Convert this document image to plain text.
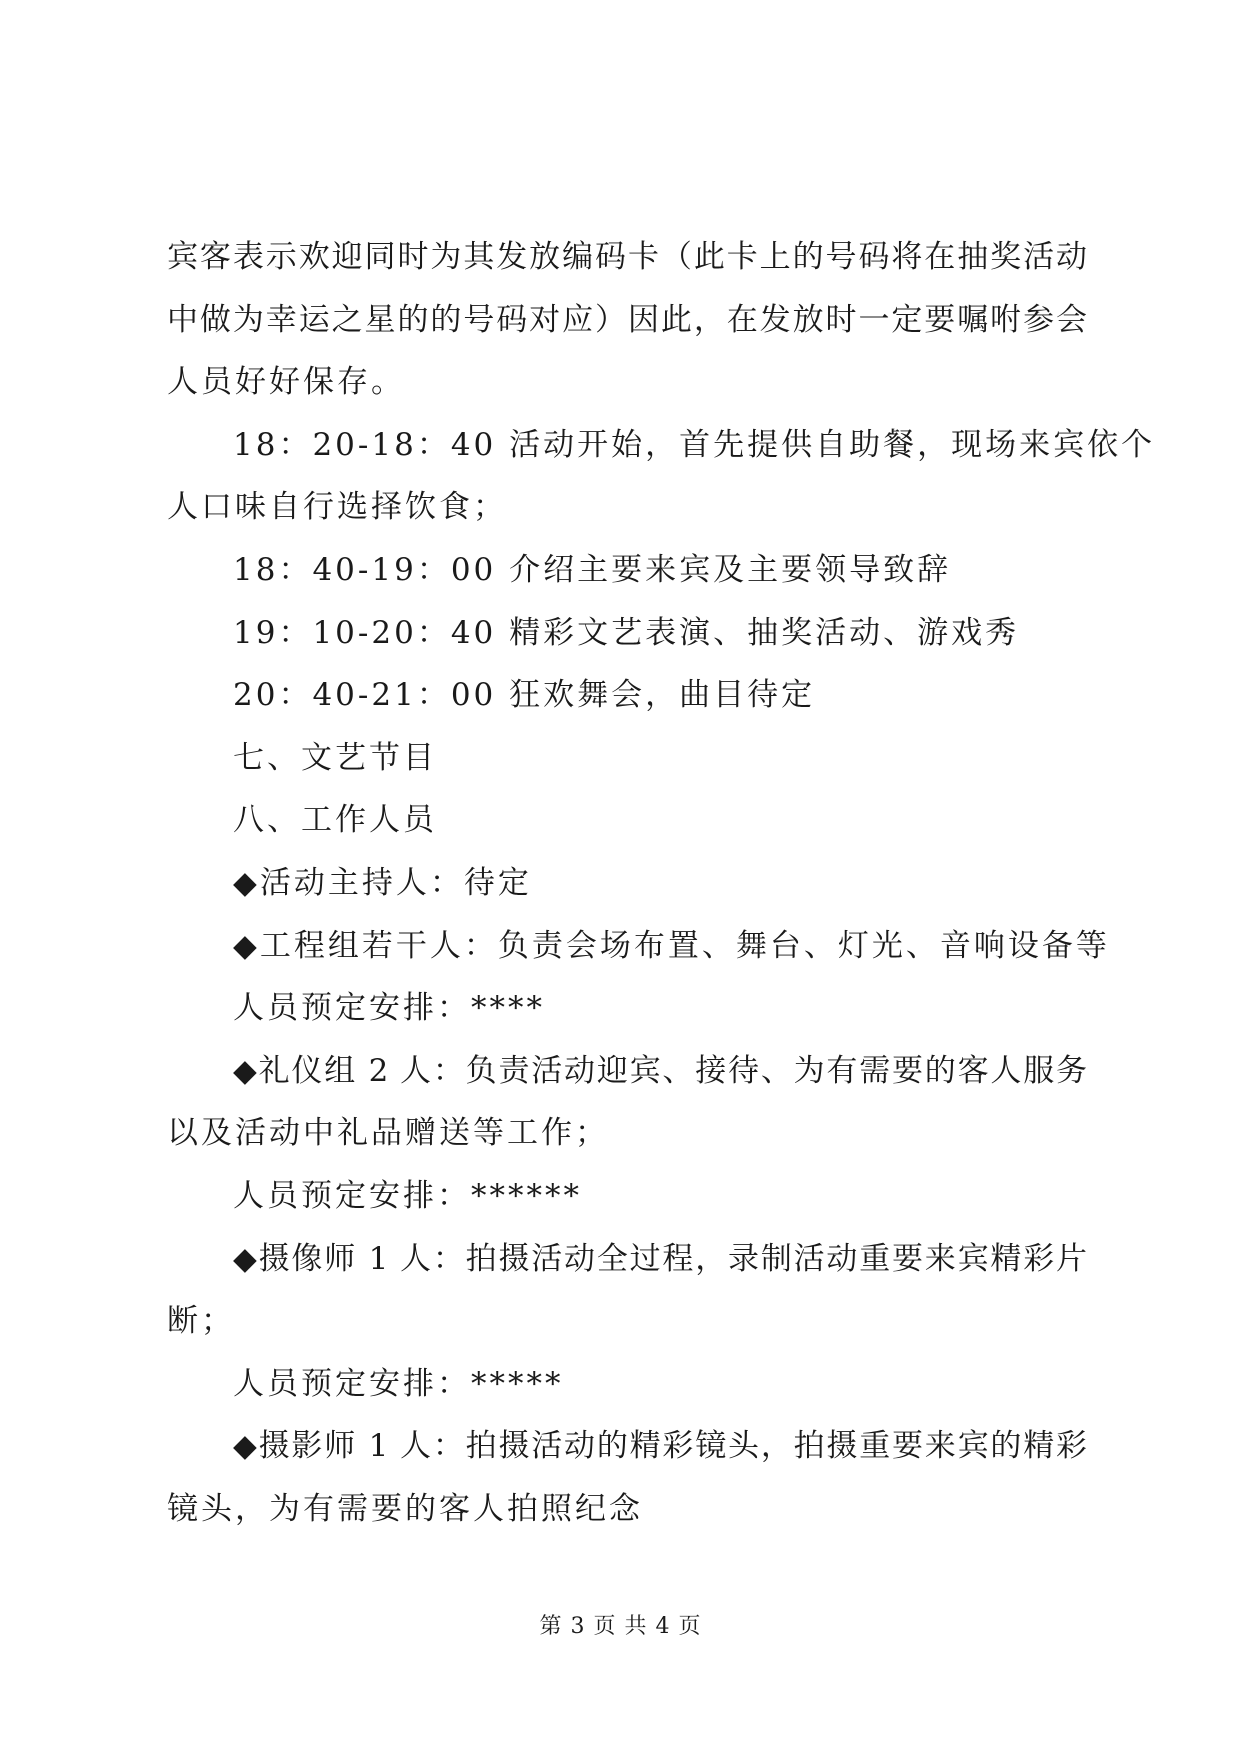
宾客表示欢迎同时为其发放编码卡（此卡上的号码将在抽奖活动
中做为幸运之星的的号码对应）因此，在发放时一定要嘱咐参会
人员好好保存。
18：20-18：40 活动开始，首先提供自助餐，现场来宾依个
人口味自行选择饮食；
18：40-19：00 介绍主要来宾及主要领导致辞
19：10-20：40 精彩文艺表演、抽奖活动、游戏秀
20：40-21：00 狂欢舞会，曲目待定
七、文艺节目
八、工作人员
◆活动主持人：待定
◆工程组若干人：负责会场布置、舞台、灯光、音响设备等
人员预定安排：****
◆礼仪组 2 人：负责活动迎宾、接待、为有需要的客人服务
以及活动中礼品赠送等工作；
人员预定安排：******
◆摄像师 1 人：拍摄活动全过程，录制活动重要来宾精彩片
断；
人员预定安排：*****
◆摄影师 1 人：拍摄活动的精彩镜头，拍摄重要来宾的精彩
镜头，为有需要的客人拍照纪念
第 3 页 共 4 页
